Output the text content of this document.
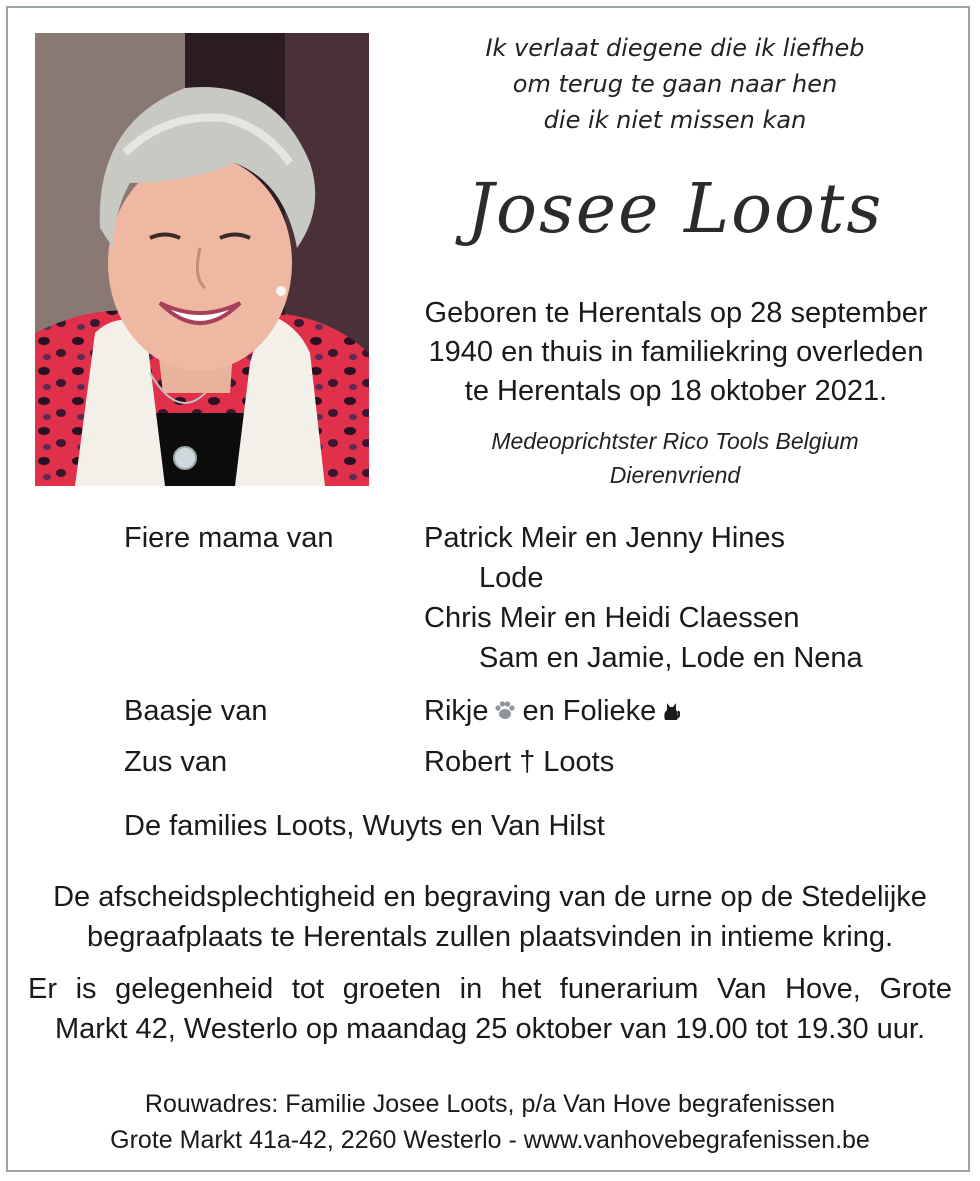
Ik verlaat diegene die ik liefheb
om terug te gaan naar hen
die ik niet missen kan
Josee Loots
Geboren te Herentals op 28 september
1940 en thuis in familiekring overleden
te Herentals op 18 oktober 2021.
Medeoprichtster Rico Tools Belgium
Dierenvriend
Fiere mama van	Patrick Meir en Jenny Hines
Lode
Chris Meir en Heidi Claessen
Sam en Jamie, Lode en Nena
Baasje van	Rikje en Folieke
Zus van	Robert † Loots
De families Loots, Wuyts en Van Hilst
De afscheidsplechtigheid en begraving van de urne op de Stedelijke
begraafplaats te Herentals zullen plaatsvinden in intieme kring.
Er is gelegenheid tot groeten in het funerarium Van Hove, Grote
Markt 42, Westerlo op maandag 25 oktober van 19.00 tot 19.30 uur.
Rouwadres: Familie Josee Loots, p/a Van Hove begrafenissen
Grote Markt 41a-42, 2260 Westerlo - www.vanhovebegrafenissen.be
